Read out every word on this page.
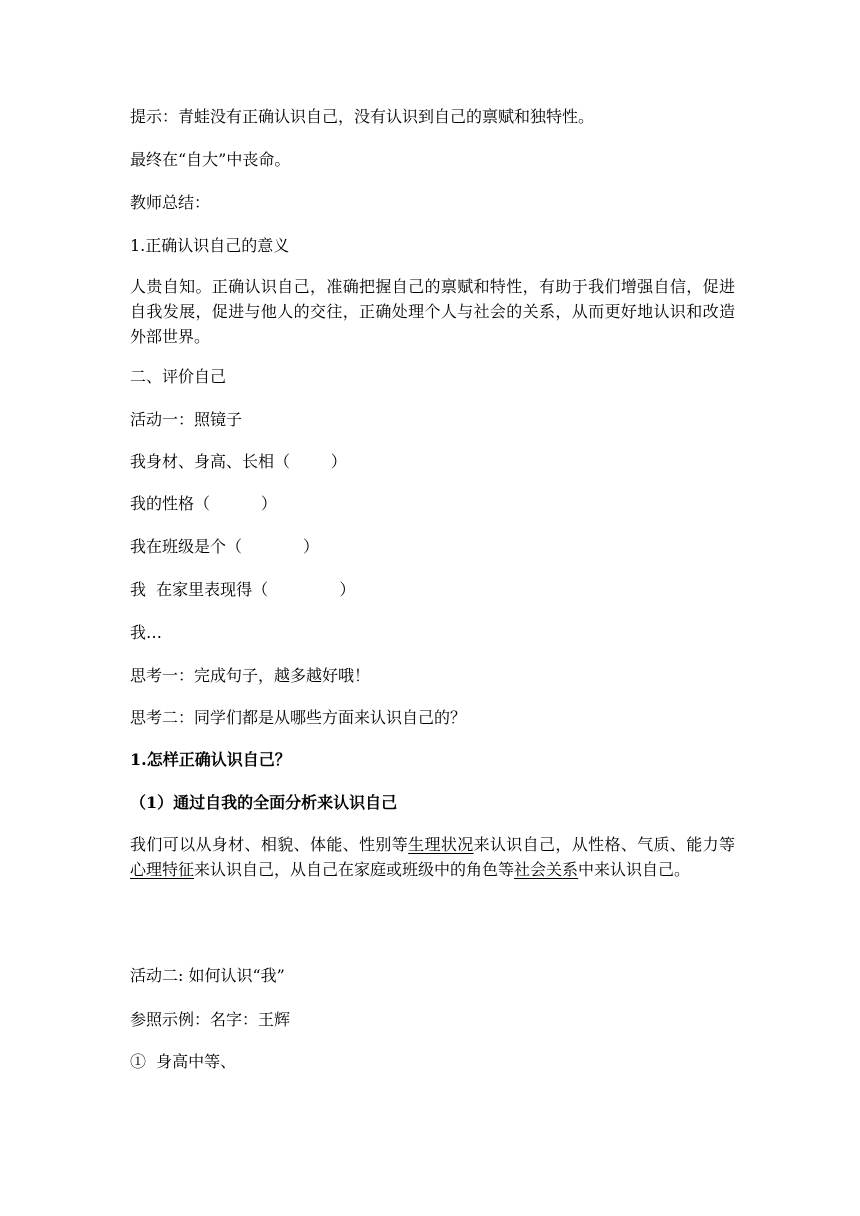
提示：青蛙没有正确认识自己，没有认识到自己的禀赋和独特性。
最终在“自大”中丧命。
教师总结：
1.正确认识自己的意义
人贵自知。正确认识自己，准确把握自己的禀赋和特性，有助于我们增强自信，促进自我发展，促进与他人的交往，正确处理个人与社会的关系，从而更好地认识和改造外部世界。
二、评价自己
活动一：照镜子
我身材、身高、长相（        ）
我的性格（          ）
我在班级是个（            ）
我  在家里表现得（              ）
我…
思考一：完成句子，越多越好哦！
思考二：同学们都是从哪些方面来认识自己的？
1.怎样正确认识自己？
（1）通过自我的全面分析来认识自己
我们可以从身材、相貌、体能、性别等生理状况来认识自己，从性格、气质、能力等心理特征来认识自己，从自己在家庭或班级中的角色等社会关系中来认识自己。
活动二: 如何认识“我”
参照示例：名字：王辉
①  身高中等、
